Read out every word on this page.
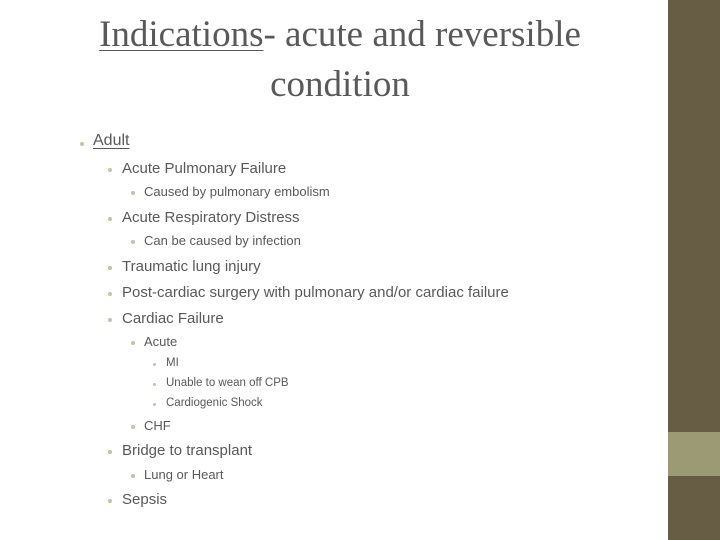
Indications- acute and reversible
condition
Adult
Acute Pulmonary Failure
Caused by pulmonary embolism
Acute Respiratory Distress
Can be caused by infection
Traumatic lung injury
Post-cardiac surgery with pulmonary and/or cardiac failure
Cardiac Failure
Acute
MI
Unable to wean off CPB
Cardiogenic Shock
CHF
Bridge to transplant
Lung or Heart
Sepsis
